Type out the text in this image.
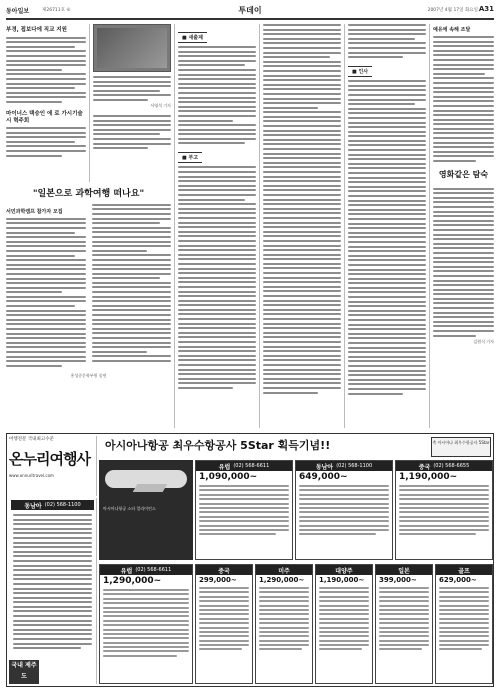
동아일보	제26711호 ⑥	투데이	2007년 4월 17일 화요일 A31
부경, 접보다에 직교 지원
마이너스 택승인 에 로 가시기술시 혁주회
서영석 기자
"일본으로 과학여행 떠나요"
서민과학캠프 참가자 모집
홍성준문학부원 종연
■ 새출제
■ 부고
■ 인사
예유에 속해 조달
영화같은 탐숙
김원식 기자
여행전문 국내최고수준
온누리여행사
www.onnuritravel.com
아시아나항공 최우수항공사 5Star 획득기념!!	축 아시아나 최우수항공사 5Star
아시아나항공 스타 얼라이언스
유럽 (02) 568-6611
1,090,000~
동남아 (02) 568-1100
649,000~
중국 (02) 568-6655
1,190,000~
동남아 (02) 568-1100
국내 제주도
유럽 (02) 568-6611
1,290,000~
중국
299,000~
미주
1,290,000~
대양주
1,190,000~
일본
399,000~
골프
629,000~
